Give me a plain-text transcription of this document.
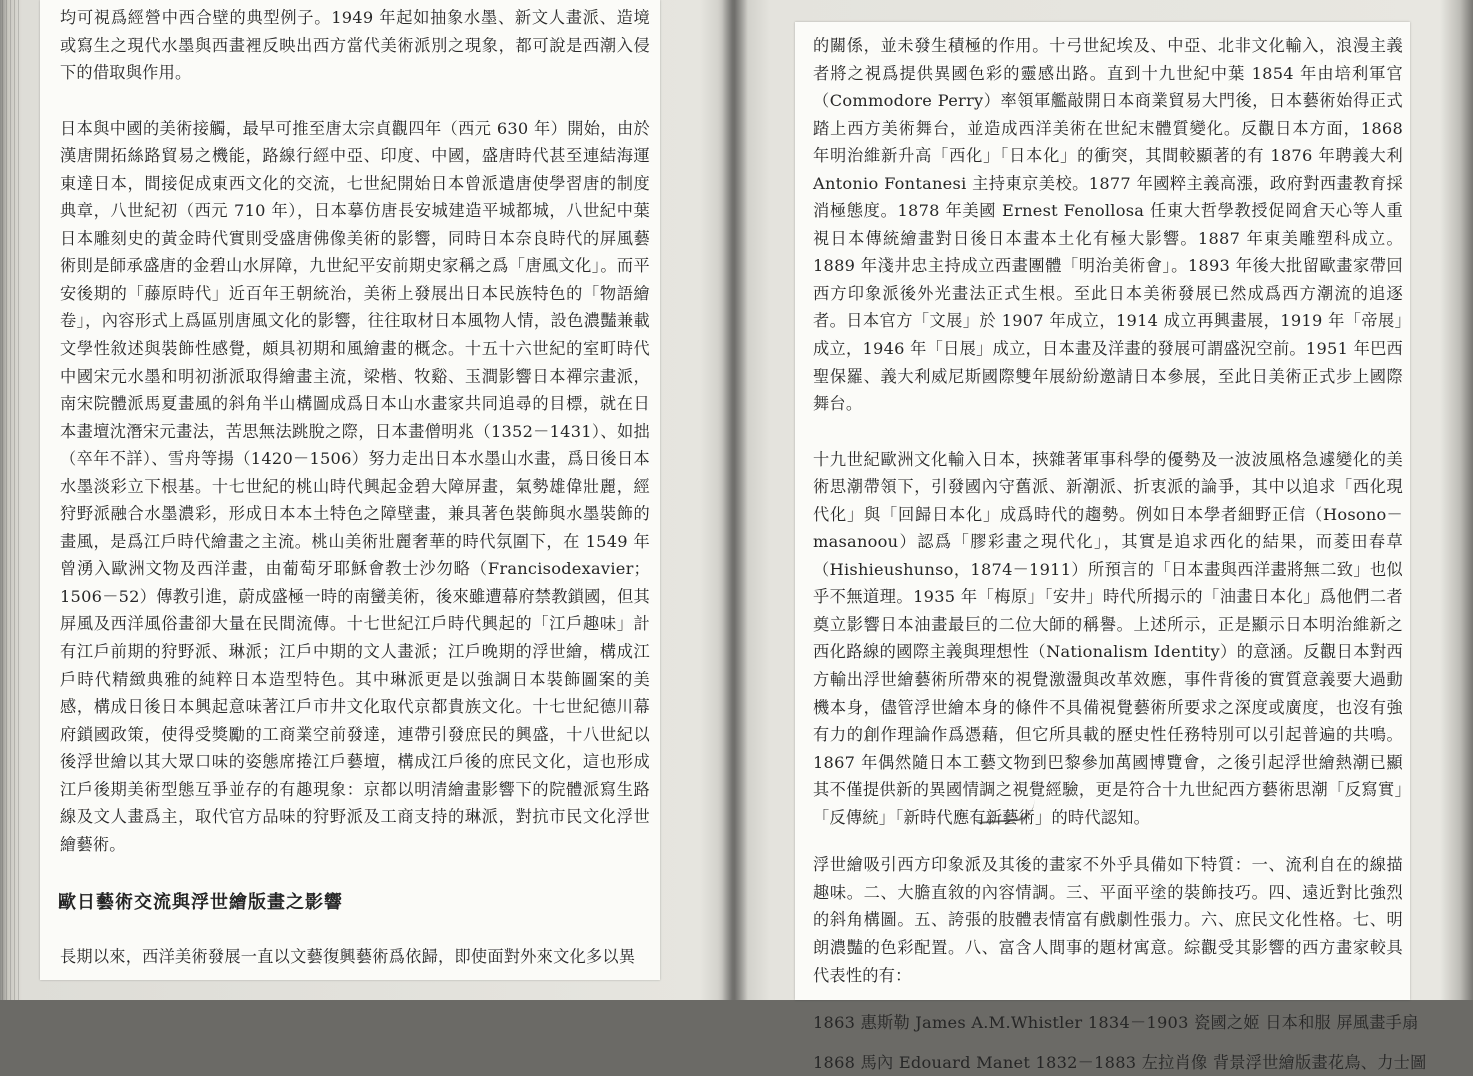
均可視爲經營中西合壁的典型例子。1949 年起如抽象水墨、新文人畫派、造境或寫生之現代水墨與西畫裡反映出西方當代美術派別之現象，都可說是西潮入侵下的借取與作用。

日本與中國的美術接觸，最早可推至唐太宗貞觀四年（西元 630 年）開始，由於漢唐開拓絲路貿易之機能，路線行經中亞、印度、中國，盛唐時代甚至連結海運東達日本，間接促成東西文化的交流，七世紀開始日本曾派遣唐使學習唐的制度典章，八世紀初（西元 710 年），日本摹仿唐長安城建造平城都城，八世紀中葉日本雕刻史的黃金時代實則受盛唐佛像美術的影響，同時日本奈良時代的屏風藝術則是師承盛唐的金碧山水屏障，九世紀平安前期史家稱之爲「唐風文化」。而平安後期的「藤原時代」近百年王朝統治，美術上發展出日本民族特色的「物語繪卷」，內容形式上爲區別唐風文化的影響，往往取材日本風物人情，設色濃豔兼載文學性敘述與裝飾性感覺，頗具初期和風繪畫的概念。十五十六世紀的室町時代中國宋元水墨和明初浙派取得繪畫主流，梁楷、牧谿、玉澗影響日本禪宗畫派，南宋院體派馬夏畫風的斜角半山構圖成爲日本山水畫家共同追尋的目標，就在日本畫壇沈潛宋元畫法，苦思無法跳脫之際，日本畫僧明兆（1352－1431）、如拙（卒年不詳）、雪舟等揚（1420－1506）努力走出日本水墨山水畫，爲日後日本水墨淡彩立下根基。十七世紀的桃山時代興起金碧大障屏畫，氣勢雄偉壯麗，經狩野派融合水墨濃彩，形成日本本土特色之障壁畫，兼具著色裝飾與水墨裝飾的畫風，是爲江戶時代繪畫之主流。桃山美術壯麗奢華的時代氛圍下，在 1549 年曾湧入歐洲文物及西洋畫，由葡萄牙耶穌會教士沙勿略（Francisodexavier；1506－52）傳教引進，蔚成盛極一時的南蠻美術，後來雖遭幕府禁教鎖國，但其屏風及西洋風俗畫卻大量在民間流傳。十七世紀江戶時代興起的「江戶趣味」計有江戶前期的狩野派、琳派；江戶中期的文人畫派；江戶晚期的浮世繪，構成江戶時代精緻典雅的純粹日本造型特色。其中琳派更是以強調日本裝飾圖案的美感，構成日後日本興起意味著江戶市井文化取代京都貴族文化。十七世紀德川幕府鎖國政策，使得受獎勵的工商業空前發達，連帶引發庶民的興盛，十八世紀以後浮世繪以其大眾口味的姿態席捲江戶藝壇，構成江戶後的庶民文化，這也形成江戶後期美術型態互爭並存的有趣現象：京都以明清繪畫影響下的院體派寫生路線及文人畫爲主，取代官方品味的狩野派及工商支持的琳派，對抗市民文化浮世繪藝術。

歐日藝術交流與浮世繪版畫之影響
長期以來，西洋美術發展一直以文藝復興藝術爲依歸，即使面對外來文化多以異

的關係，並未發生積極的作用。十弓世紀埃及、中亞、北非文化輸入，浪漫主義者將之視爲提供異國色彩的靈感出路。直到十九世紀中葉 1854 年由培利軍官（Commodore Perry）率領軍艦敲開日本商業貿易大門後，日本藝術始得正式踏上西方美術舞台，並造成西洋美術在世紀末體質變化。反觀日本方面，1868 年明治維新升高「西化」「日本化」的衝突，其間較顯著的有 1876 年聘義大利 Antonio Fontanesi 主持東京美校。1877 年國粹主義高漲，政府對西畫教育採消極態度。1878 年美國 Ernest Fenollosa 任東大哲學教授促岡倉天心等人重視日本傳統繪畫對日後日本畫本土化有極大影響。1887 年東美雕塑科成立。1889 年淺井忠主持成立西畫團體「明治美術會」。1893 年後大批留歐畫家帶回西方印象派後外光畫法正式生根。至此日本美術發展已然成爲西方潮流的追逐者。日本官方「文展」於 1907 年成立，1914 成立再興畫展，1919 年「帝展」成立，1946 年「日展」成立，日本畫及洋畫的發展可謂盛況空前。1951 年巴西聖保羅、義大利威尼斯國際雙年展紛紛邀請日本參展，至此日美術正式步上國際舞台。

十九世紀歐洲文化輸入日本，挾雜著軍事科學的優勢及一波波風格急遽變化的美術思潮帶領下，引發國內守舊派、新潮派、折衷派的論爭，其中以追求「西化現代化」與「回歸日本化」成爲時代的趨勢。例如日本學者細野正信（Hosono－masanoou）認爲「膠彩畫之現代化」，其實是追求西化的結果，而菱田春草（Hishieushunso，1874－1911）所預言的「日本畫與西洋畫將無二致」也似乎不無道理。1935 年「梅原」「安井」時代所揭示的「油畫日本化」爲他們二者奠立影響日本油畫最巨的二位大師的稱譽。上述所示，正是顯示日本明治維新之西化路線的國際主義與理想性（Nationalism Identity）的意涵。反觀日本對西方輸出浮世繪藝術所帶來的視覺激盪與改革效應，事件背後的實質意義要大過動機本身，儘管浮世繪本身的條件不具備視覺藝術所要求之深度或廣度，也沒有強有力的創作理論作爲憑藉，但它所具載的歷史性任務特別可以引起普遍的共鳴。1867 年偶然隨日本工藝文物到巴黎參加萬國博覽會，之後引起浮世繪熱潮已顯其不僅提供新的異國情調之視覺經驗，更是符合十九世紀西方藝術思潮「反寫實」「反傳統」「新時代應有新藝術」的時代認知。

浮世繪吸引西方印象派及其後的畫家不外乎具備如下特質：一、流利自在的線描趣味。二、大膽直敘的內容情調。三、平面平塗的裝飾技巧。四、遠近對比強烈的斜角構圖。五、誇張的肢體表情富有戲劇性張力。六、庶民文化性格。七、明朗濃豔的色彩配置。八、富含人間事的題材寓意。綜觀受其影響的西方畫家較具代表性的有：

1863 惠斯勒 James A.M.Whistler 1834－1903 瓷國之姬 日本和服 屏風畫手扇
1868 馬內 Edouard Manet 1832－1883 左拉肖像 背景浮世繪版畫花鳥、力士圖
